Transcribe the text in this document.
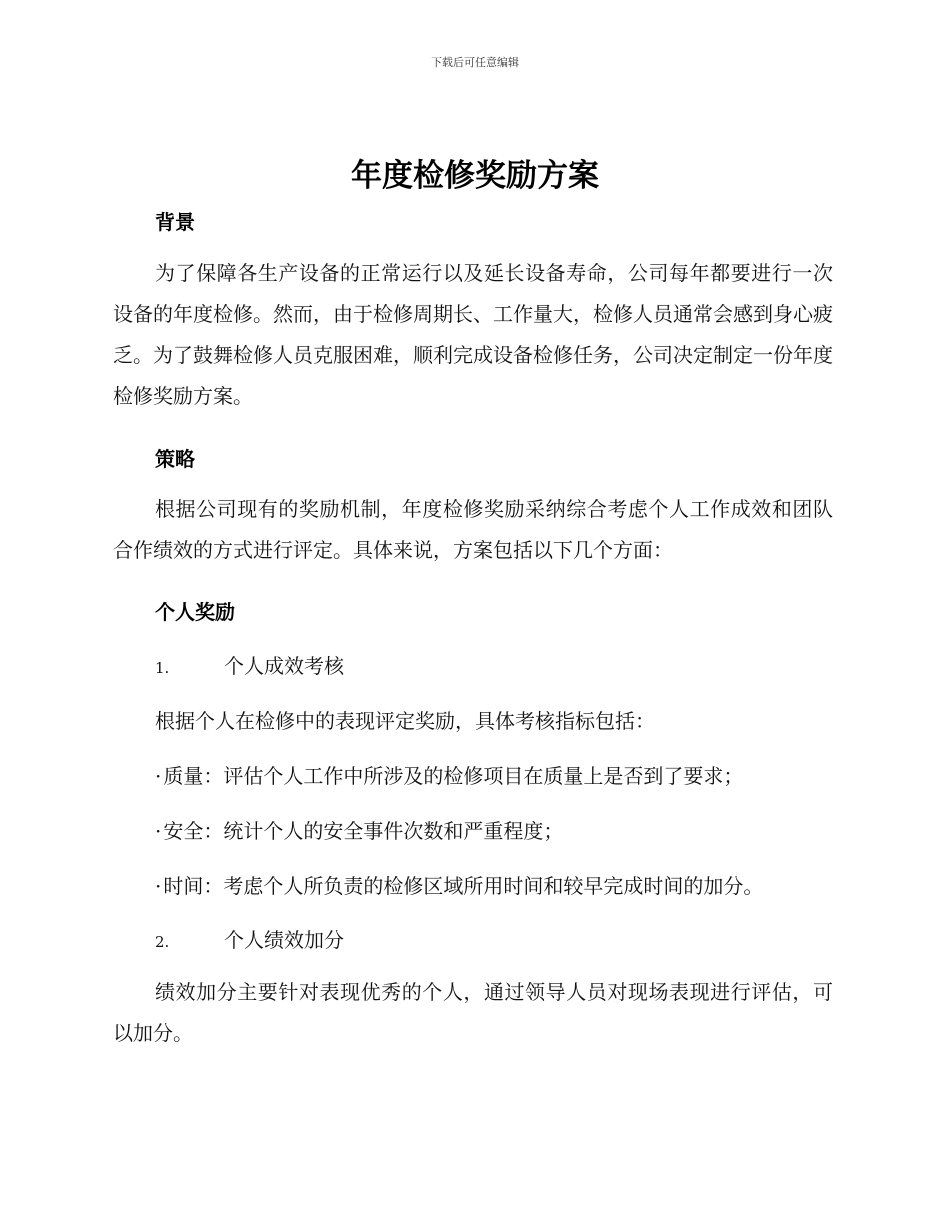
下载后可任意编辑
年度检修奖励方案
背景

为了保障各生产设备的正常运行以及延长设备寿命，公司每年都要进行一次设备的年度检修。然而，由于检修周期长、工作量大，检修人员通常会感到身心疲乏。为了鼓舞检修人员克服困难，顺利完成设备检修任务，公司决定制定一份年度检修奖励方案。

策略

根据公司现有的奖励机制，年度检修奖励采纳综合考虑个人工作成效和团队合作绩效的方式进行评定。具体来说，方案包括以下几个方面：

个人奖励
1.	个人成效考核
根据个人在检修中的表现评定奖励，具体考核指标包括：
· 质量：评估个人工作中所涉及的检修项目在质量上是否到了要求；
· 安全：统计个人的安全事件次数和严重程度；
· 时间：考虑个人所负责的检修区域所用时间和较早完成时间的加分。
2.	个人绩效加分

绩效加分主要针对表现优秀的个人，通过领导人员对现场表现进行评估，可以加分。
